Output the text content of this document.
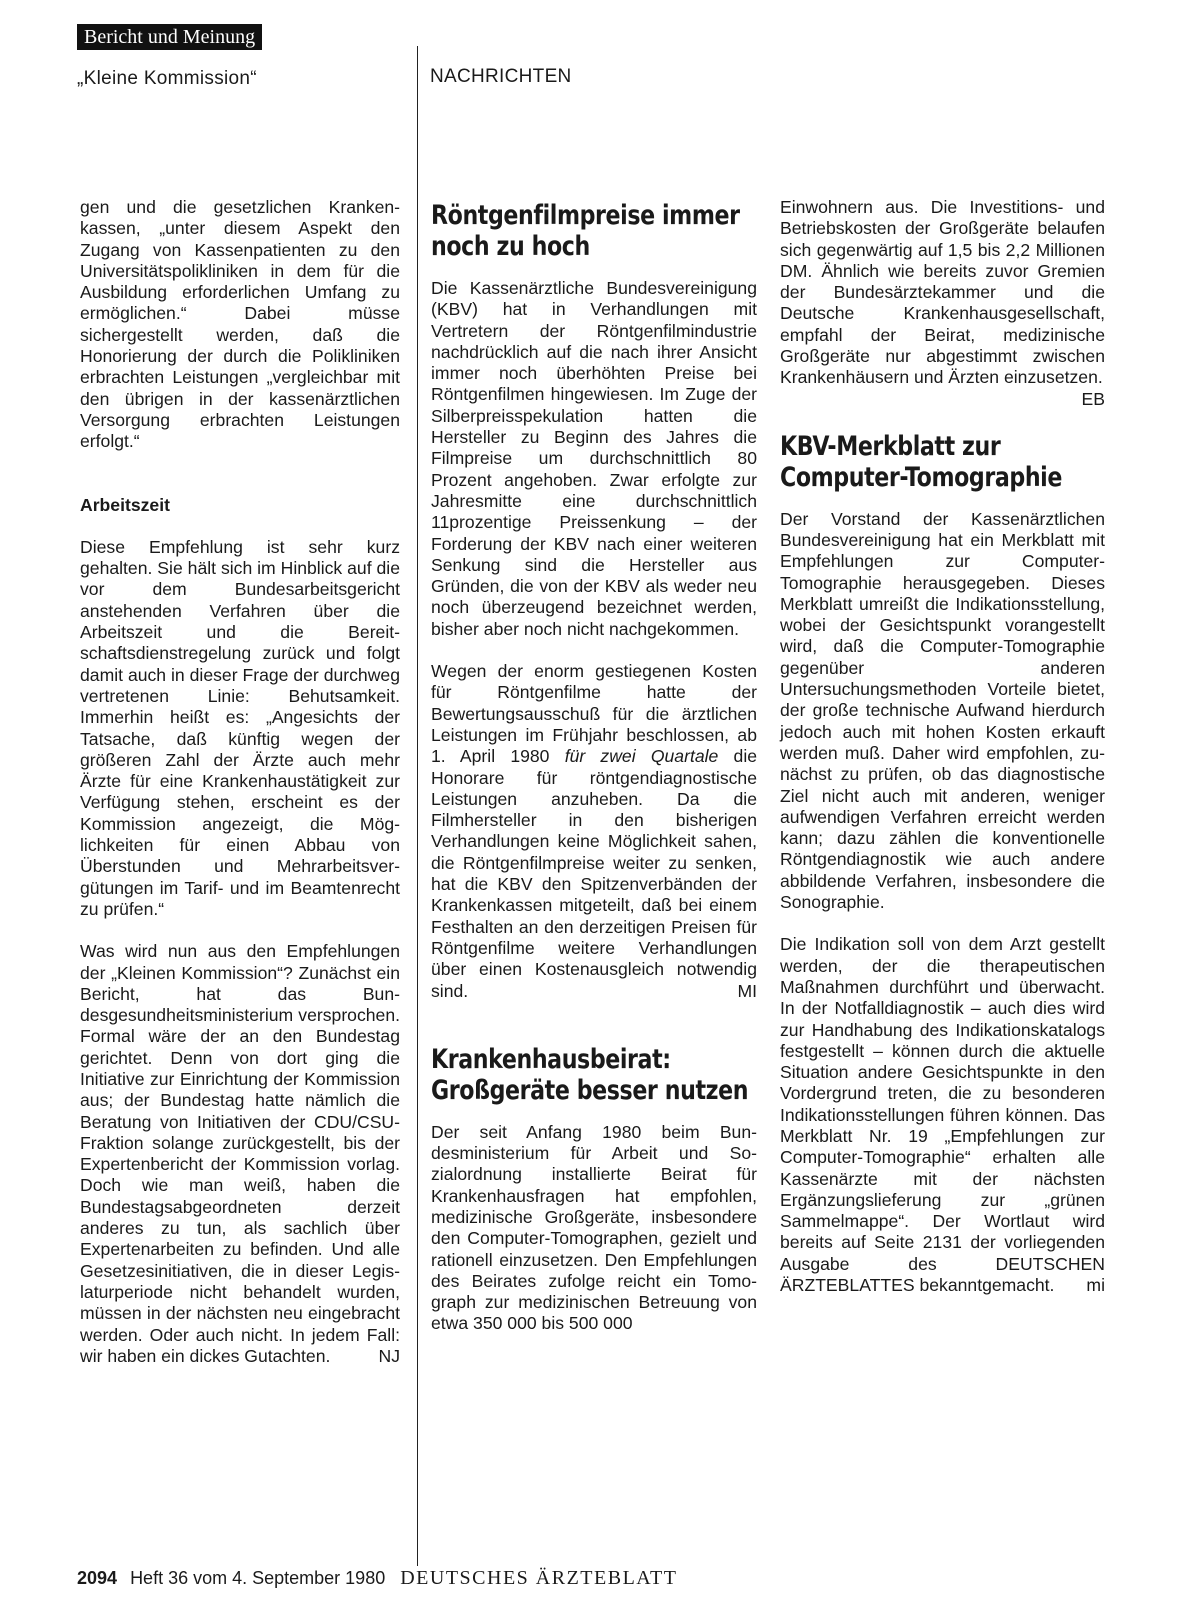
Bericht und Meinung
„Kleine Kommission“	NACHRICHTEN

gen und die gesetzlichen Krankenkassen, „unter diesem Aspekt den Zugang von Kassenpatienten zu den Universitätspolikliniken in dem für die Ausbildung erforderlichen Umfang zu ermöglichen.“ Dabei müsse sichergestellt werden, daß die Honorierung der durch die Polikliniken erbrachten Leistungen „vergleichbar mit den übrigen in der kassenärztlichen Versorgung erbrachten Leistungen erfolgt.“

Arbeitszeit

Diese Empfehlung ist sehr kurz gehalten. Sie hält sich im Hinblick auf die vor dem Bundesarbeitsgericht anstehenden Verfahren über die Arbeitszeit und die Bereitschaftsdienstregelung zurück und folgt damit auch in dieser Frage der durchweg vertretenen Linie: Behutsamkeit. Immerhin heißt es: „Angesichts der Tatsache, daß künftig wegen der größeren Zahl der Ärzte auch mehr Ärzte für eine Krankenhaustätigkeit zur Verfügung stehen, erscheint es der Kommission angezeigt, die Möglichkeiten für einen Abbau von Überstunden und Mehrarbeitsvergütungen im Tarif- und im Beamtenrecht zu prüfen.“

Was wird nun aus den Empfehlungen der „Kleinen Kommission“? Zunächst ein Bericht, hat das Bundesgesundheitsministerium versprochen. Formal wäre der an den Bundestag gerichtet. Denn von dort ging die Initiative zur Einrichtung der Kommission aus; der Bundestag hatte nämlich die Beratung von Initiativen der CDU/CSU-Fraktion solange zurückgestellt, bis der Expertenbericht der Kommission vorlag. Doch wie man weiß, haben die Bundestagsabgeordneten derzeit anderes zu tun, als sachlich über Expertenarbeiten zu befinden. Und alle Gesetzesinitiativen, die in dieser Legislaturperiode nicht behandelt wurden, müssen in der nächsten neu eingebracht werden. Oder auch nicht. In jedem Fall: wir haben ein dickes Gutachten.	NJ

Röntgenfilmpreise immer noch zu hoch

Die Kassenärztliche Bundesvereinigung (KBV) hat in Verhandlungen mit Vertretern der Röntgenfilmindustrie nachdrücklich auf die nach ihrer Ansicht immer noch überhöhten Preise bei Röntgenfilmen hingewiesen. Im Zuge der Silberpreisspekulation hatten die Hersteller zu Beginn des Jahres die Filmpreise um durchschnittlich 80 Prozent angehoben. Zwar erfolgte zur Jahresmitte eine durchschnittlich 11prozentige Preissenkung – der Forderung der KBV nach einer weiteren Senkung sind die Hersteller aus Gründen, die von der KBV als weder neu noch überzeugend bezeichnet werden, bisher aber noch nicht nachgekommen.

Wegen der enorm gestiegenen Kosten für Röntgenfilme hatte der Bewertungsausschuß für die ärztlichen Leistungen im Frühjahr beschlossen, ab 1. April 1980 für zwei Quartale die Honorare für röntgendiagnostische Leistungen anzuheben. Da die Filmhersteller in den bisherigen Verhandlungen keine Möglichkeit sahen, die Röntgenfilmpreise weiter zu senken, hat die KBV den Spitzenverbänden der Krankenkassen mitgeteilt, daß bei einem Festhalten an den derzeitigen Preisen für Röntgenfilme weitere Verhandlungen über einen Kostenausgleich notwendig sind.	MI

Krankenhausbeirat: Großgeräte besser nutzen

Der seit Anfang 1980 beim Bundesministerium für Arbeit und Sozialordnung installierte Beirat für Krankenhausfragen hat empfohlen, medizinische Großgeräte, insbesondere den Computer-Tomographen, gezielt und rationell einzusetzen. Den Empfehlungen des Beirates zufolge reicht ein Tomograph zur medizinischen Betreuung von etwa 350 000 bis 500 000

Einwohnern aus. Die Investitions- und Betriebskosten der Großgeräte belaufen sich gegenwärtig auf 1,5 bis 2,2 Millionen DM. Ähnlich wie bereits zuvor Gremien der Bundesärztekammer und die Deutsche Krankenhausgesellschaft, empfahl der Beirat, medizinische Großgeräte nur abgestimmt zwischen Krankenhäusern und Ärzten einzusetzen.
EB

KBV-Merkblatt zur Computer-Tomographie

Der Vorstand der Kassenärztlichen Bundesvereinigung hat ein Merkblatt mit Empfehlungen zur Computer-Tomographie herausgegeben. Dieses Merkblatt umreißt die Indikationsstellung, wobei der Gesichtspunkt vorangestellt wird, daß die Computer-Tomographie gegenüber anderen Untersuchungsmethoden Vorteile bietet, der große technische Aufwand hierdurch jedoch auch mit hohen Kosten erkauft werden muß. Daher wird empfohlen, zunächst zu prüfen, ob das diagnostische Ziel nicht auch mit anderen, weniger aufwendigen Verfahren erreicht werden kann; dazu zählen die konventionelle Röntgendiagnostik wie auch andere abbildende Verfahren, insbesondere die Sonographie.

Die Indikation soll von dem Arzt gestellt werden, der die therapeutischen Maßnahmen durchführt und überwacht. In der Notfalldiagnostik – auch dies wird zur Handhabung des Indikationskatalogs festgestellt – können durch die aktuelle Situation andere Gesichtspunkte in den Vordergrund treten, die zu besonderen Indikationsstellungen führen können. Das Merkblatt Nr. 19 „Empfehlungen zur Computer-Tomographie“ erhalten alle Kassenärzte mit der nächsten Ergänzungslieferung zur „grünen Sammelmappe“. Der Wortlaut wird bereits auf Seite 2131 der vorliegenden Ausgabe des DEUTSCHEN ÄRZTEBLATTES bekanntgemacht. mi

2094 Heft 36 vom 4. September 1980 DEUTSCHES ÄRZTEBLATT
